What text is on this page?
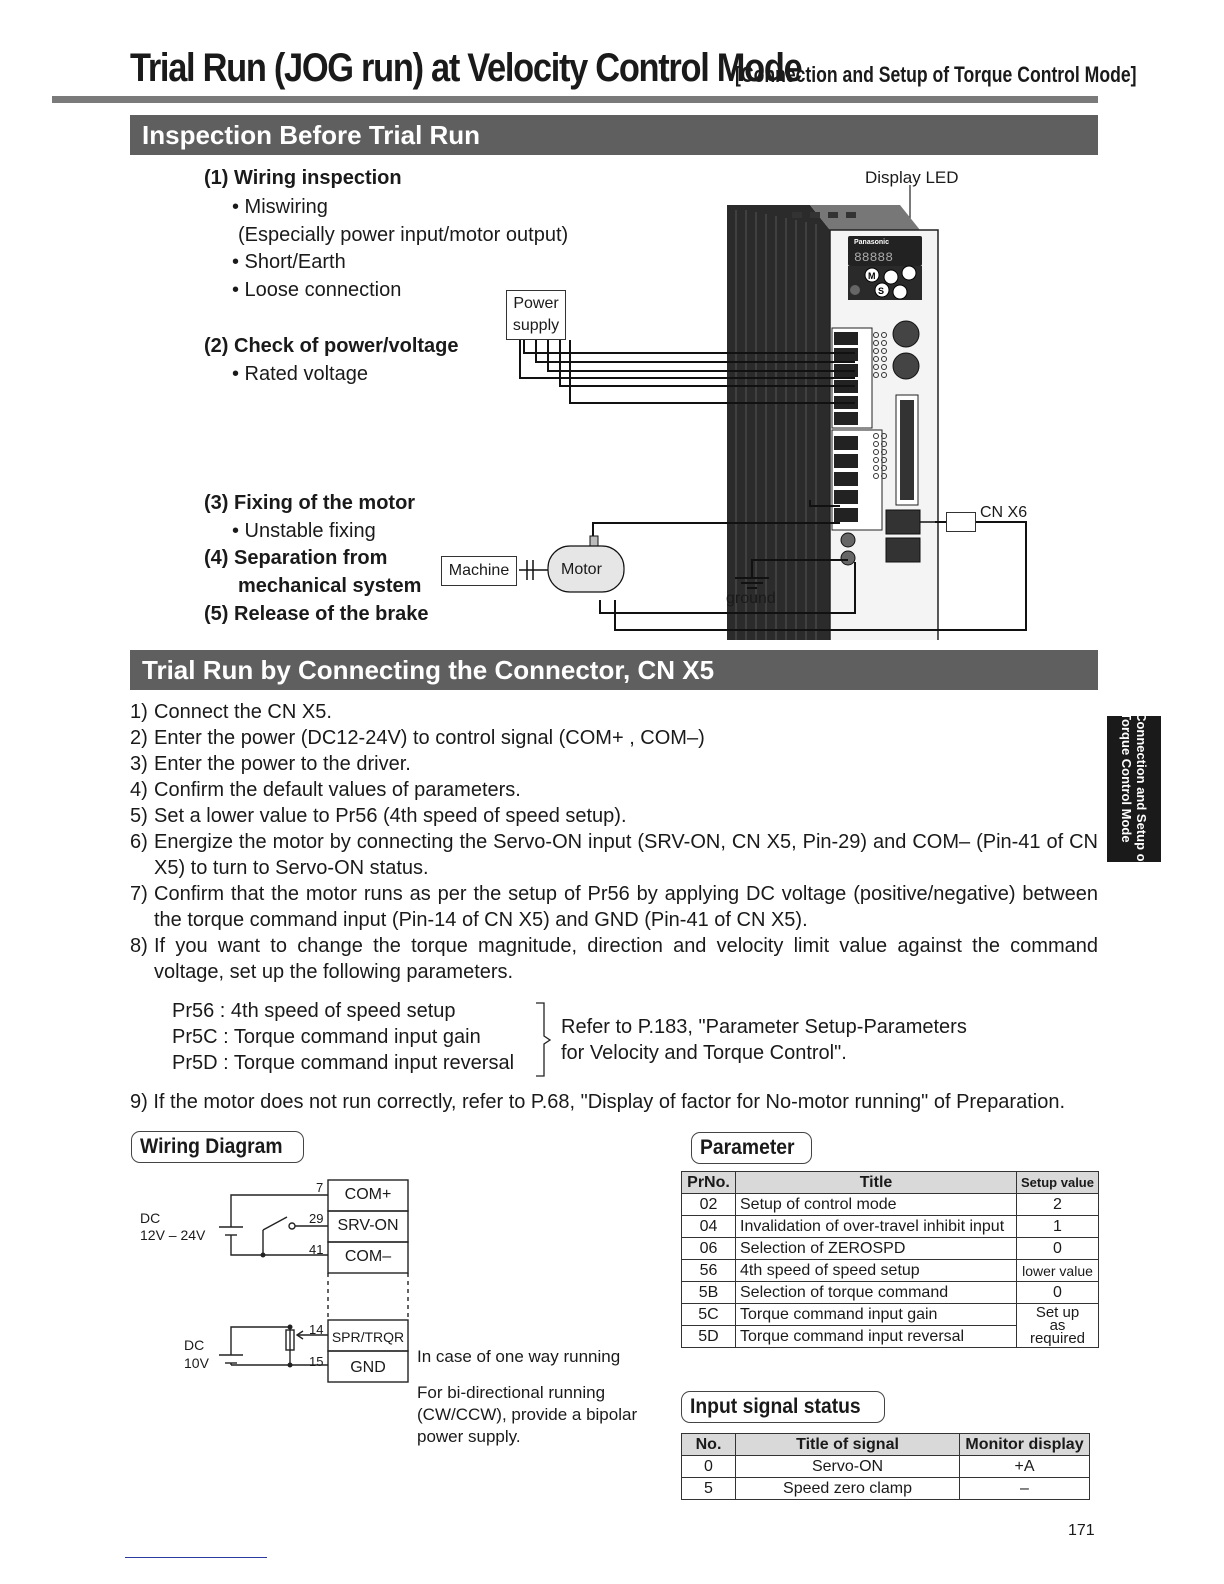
Trial Run (JOG run) at Velocity Control Mode
[Connection and Setup of Torque Control Mode]
Inspection Before Trial Run
(1) Wiring inspection
• Miswiring
(Especially power input/motor output)
• Short/Earth
• Loose connection
(2) Check of power/voltage
• Rated voltage
(3) Fixing of the motor
• Unstable fixing
(4) Separation from
mechanical system
(5) Release of the brake
Panasonic
88888
M
S
Display LED
Power
supply
Machine	Motor
ground
CN X6
Trial Run by Connecting the Connector, CN X5
1) Connect the CN X5.
2) Enter the power (DC12-24V) to control signal (COM+ , COM–)
3) Enter the power to the driver.
4) Confirm the default values of parameters.
5) Set a lower value to Pr56 (4th speed of speed setup).
6) Energize the motor by connecting the Servo-ON input (SRV-ON, CN X5, Pin-29) and COM– (Pin-41 of CN X5) to turn to Servo-ON status.
7) Confirm that the motor runs as per the setup of Pr56 by applying DC voltage (positive/negative) between the torque command input (Pin-14 of CN X5) and GND (Pin-41 of CN X5).
8) If you want to change the torque magnitude, direction and velocity limit value against the command voltage, set up the following parameters.
Pr56 : 4th speed of speed setup
Pr5C : Torque command input gain
Pr5D : Torque command input reversal
Refer to P.183, "Parameter Setup-Parameters
for Velocity and Torque Control".
9) If the motor does not run correctly, refer to P.68, "Display of factor for No-motor running" of Preparation.
Wiring Diagram
7
29
41
14
15
COM+
SRV-ON
COM–
SPR/TRQR
GND
DC
12V – 24V
DC
10V	In case of one way running
For bi-directional running
(CW/CCW), provide a bipolar
power supply.
Parameter
PrNo.	Title	Setup value
02	Setup of control mode	2
04	Invalidation of over-travel inhibit input	1
06	Selection of ZEROSPD	0
56	4th speed of speed setup	lower value
5B	Selection of torque command	0
5C	Torque command input gain	Set up
as
required

5D	Torque command input reversal	
Input signal status
No.	Title of signal	Monitor display
0	Servo-ON	+A
5	Speed zero clamp	–
Connection and Setup of
Torque Control Mode
171
